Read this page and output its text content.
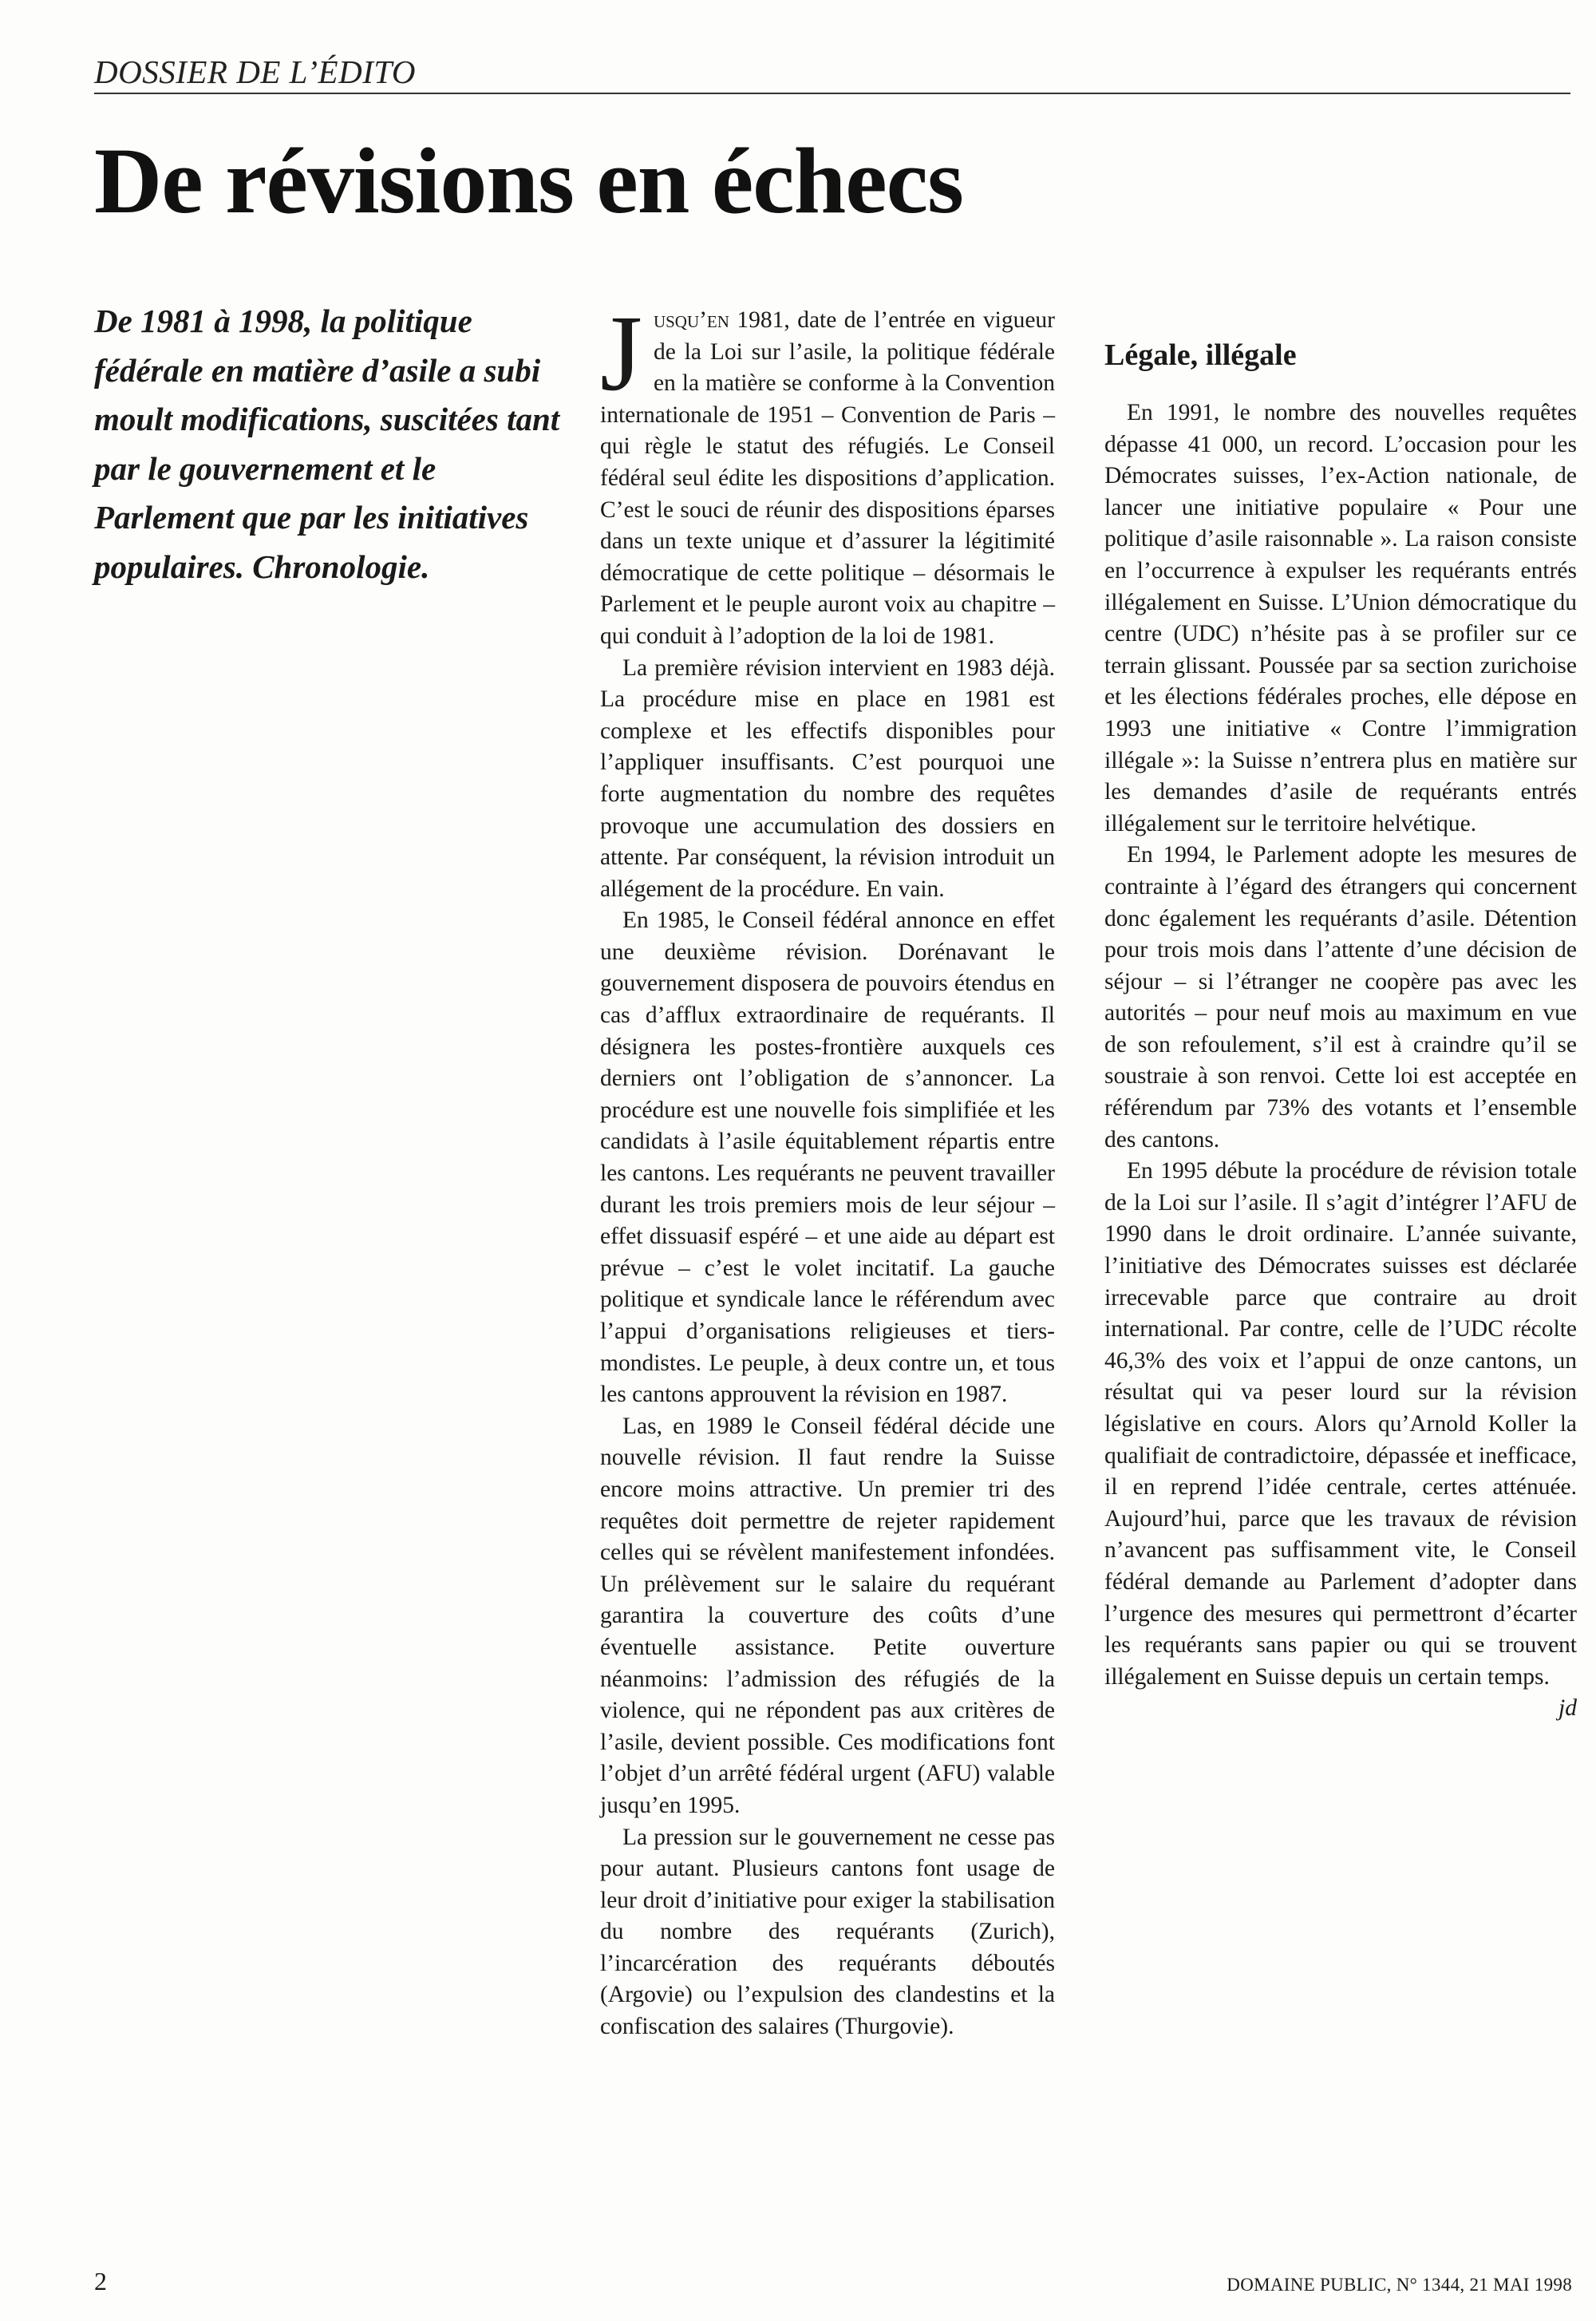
DOSSIER DE L’ÉDITO
De révisions en échecs
De 1981 à 1998, la politique fédérale en matière d’asile a subi moult modifications, suscitées tant par le gouvernement et le Parlement que par les initiatives populaires. Chronologie.

Jusqu’en 1981, date de l’entrée en vigueur de la Loi sur l’asile, la politique fédérale en la matière se conforme à la Convention internationale de 1951 – Convention de Paris – qui règle le statut des réfugiés. Le Conseil fédéral seul édite les dispositions d’application. C’est le souci de réunir des dispositions éparses dans un texte unique et d’assurer la légitimité démocratique de cette politique – désormais le Parlement et le peuple auront voix au chapitre – qui conduit à l’adoption de la loi de 1981.

La première révision intervient en 1983 déjà. La procédure mise en place en 1981 est complexe et les effectifs disponibles pour l’appliquer insuffisants. C’est pourquoi une forte augmentation du nombre des requêtes provoque une accumulation des dossiers en attente. Par conséquent, la révision introduit un allégement de la procédure. En vain.

En 1985, le Conseil fédéral annonce en effet une deuxième révision. Dorénavant le gouvernement disposera de pouvoirs étendus en cas d’afflux extraordinaire de requérants. Il désignera les postes-frontière auxquels ces derniers ont l’obligation de s’annoncer. La procédure est une nouvelle fois simplifiée et les candidats à l’asile équitablement répartis entre les cantons. Les requérants ne peuvent travailler durant les trois premiers mois de leur séjour – effet dissuasif espéré – et une aide au départ est prévue – c’est le volet incitatif. La gauche politique et syndicale lance le référendum avec l’appui d’organisations religieuses et tiers-mondistes. Le peuple, à deux contre un, et tous les cantons approuvent la révision en 1987.

Las, en 1989 le Conseil fédéral décide une nouvelle révision. Il faut rendre la Suisse encore moins attractive. Un premier tri des requêtes doit permettre de rejeter rapidement celles qui se révèlent manifestement infondées. Un prélèvement sur le salaire du requérant garantira la couverture des coûts d’une éventuelle assistance. Petite ouverture néanmoins: l’admission des réfugiés de la violence, qui ne répondent pas aux critères de l’asile, devient possible. Ces modifications font l’objet d’un arrêté fédéral urgent (AFU) valable jusqu’en 1995.

La pression sur le gouvernement ne cesse pas pour autant. Plusieurs cantons font usage de leur droit d’initiative pour exiger la stabilisation du nombre des requérants (Zurich), l’incarcération des requérants déboutés (Argovie) ou l’expulsion des clandestins et la confiscation des salaires (Thurgovie).

Légale, illégale

En 1991, le nombre des nouvelles requêtes dépasse 41 000, un record. L’occasion pour les Démocrates suisses, l’ex-Action nationale, de lancer une initiative populaire « Pour une politique d’asile raisonnable ». La raison consiste en l’occurrence à expulser les requérants entrés illégalement en Suisse. L’Union démocratique du centre (UDC) n’hésite pas à se profiler sur ce terrain glissant. Poussée par sa section zurichoise et les élections fédérales proches, elle dépose en 1993 une initiative « Contre l’immigration illégale »: la Suisse n’entrera plus en matière sur les demandes d’asile de requérants entrés illégalement sur le territoire helvétique.

En 1994, le Parlement adopte les mesures de contrainte à l’égard des étrangers qui concernent donc également les requérants d’asile. Détention pour trois mois dans l’attente d’une décision de séjour – si l’étranger ne coopère pas avec les autorités – pour neuf mois au maximum en vue de son refoulement, s’il est à craindre qu’il se soustraie à son renvoi. Cette loi est acceptée en référendum par 73% des votants et l’ensemble des cantons.

En 1995 débute la procédure de révision totale de la Loi sur l’asile. Il s’agit d’intégrer l’AFU de 1990 dans le droit ordinaire. L’année suivante, l’initiative des Démocrates suisses est déclarée irrecevable parce que contraire au droit international. Par contre, celle de l’UDC récolte 46,3% des voix et l’appui de onze cantons, un résultat qui va peser lourd sur la révision législative en cours. Alors qu’Arnold Koller la qualifiait de contradictoire, dépassée et inefficace, il en reprend l’idée centrale, certes atténuée. Aujourd’hui, parce que les travaux de révision n’avancent pas suffisamment vite, le Conseil fédéral demande au Parlement d’adopter dans l’urgence des mesures qui permettront d’écarter les requérants sans papier ou qui se trouvent illégalement en Suisse depuis un certain temps.
jd

2	DOMAINE PUBLIC, N° 1344, 21 MAI 1998
